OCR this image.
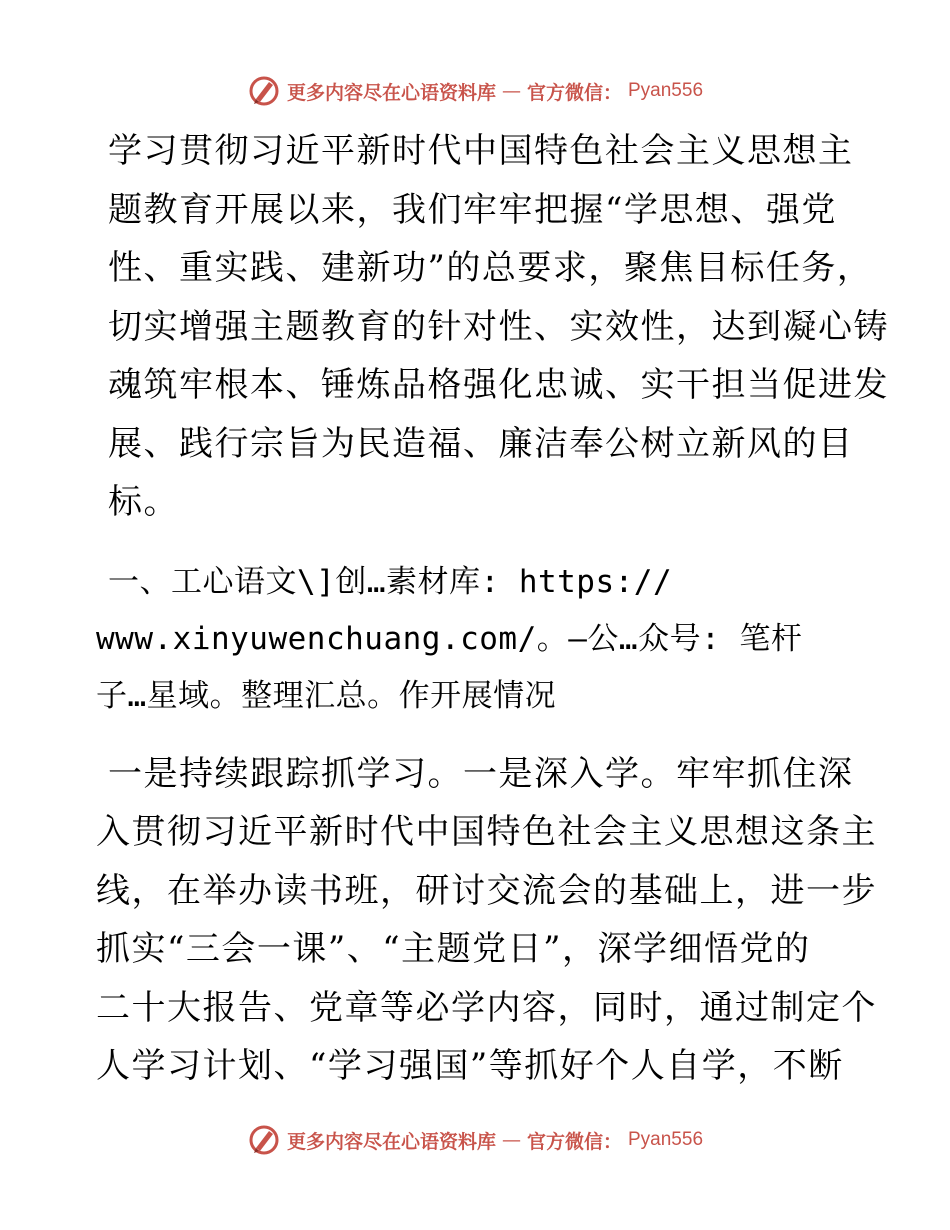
更多内容尽在心语资料库 — 官方微信： Pyan556

学习贯彻习近平新时代中国特色社会主义思想主
题教育开展以来，我们牢牢把握“学思想、强党
性、重实践、建新功”的总要求，聚焦目标任务，
切实增强主题教育的针对性、实效性，达到凝心铸
魂筑牢根本、锤炼品格强化忠诚、实干担当促进发
展、践行宗旨为民造福、廉洁奉公树立新风的目
标。

一、工心语文\]创…素材库: https://
www.xinyuwenchuang.com/。—公…众号: 笔杆
子…星域。整理汇总。作开展情况

一是持续跟踪抓学习。一是深入学。牢牢抓住深
入贯彻习近平新时代中国特色社会主义思想这条主
线，在举办读书班，研讨交流会的基础上，进一步
抓实“三会一课”、“主题党日”，深学细悟党的
二十大报告、党章等必学内容，同时，通过制定个
人学习计划、“学习强国”等抓好个人自学，不断

更多内容尽在心语资料库 — 官方微信： Pyan556
